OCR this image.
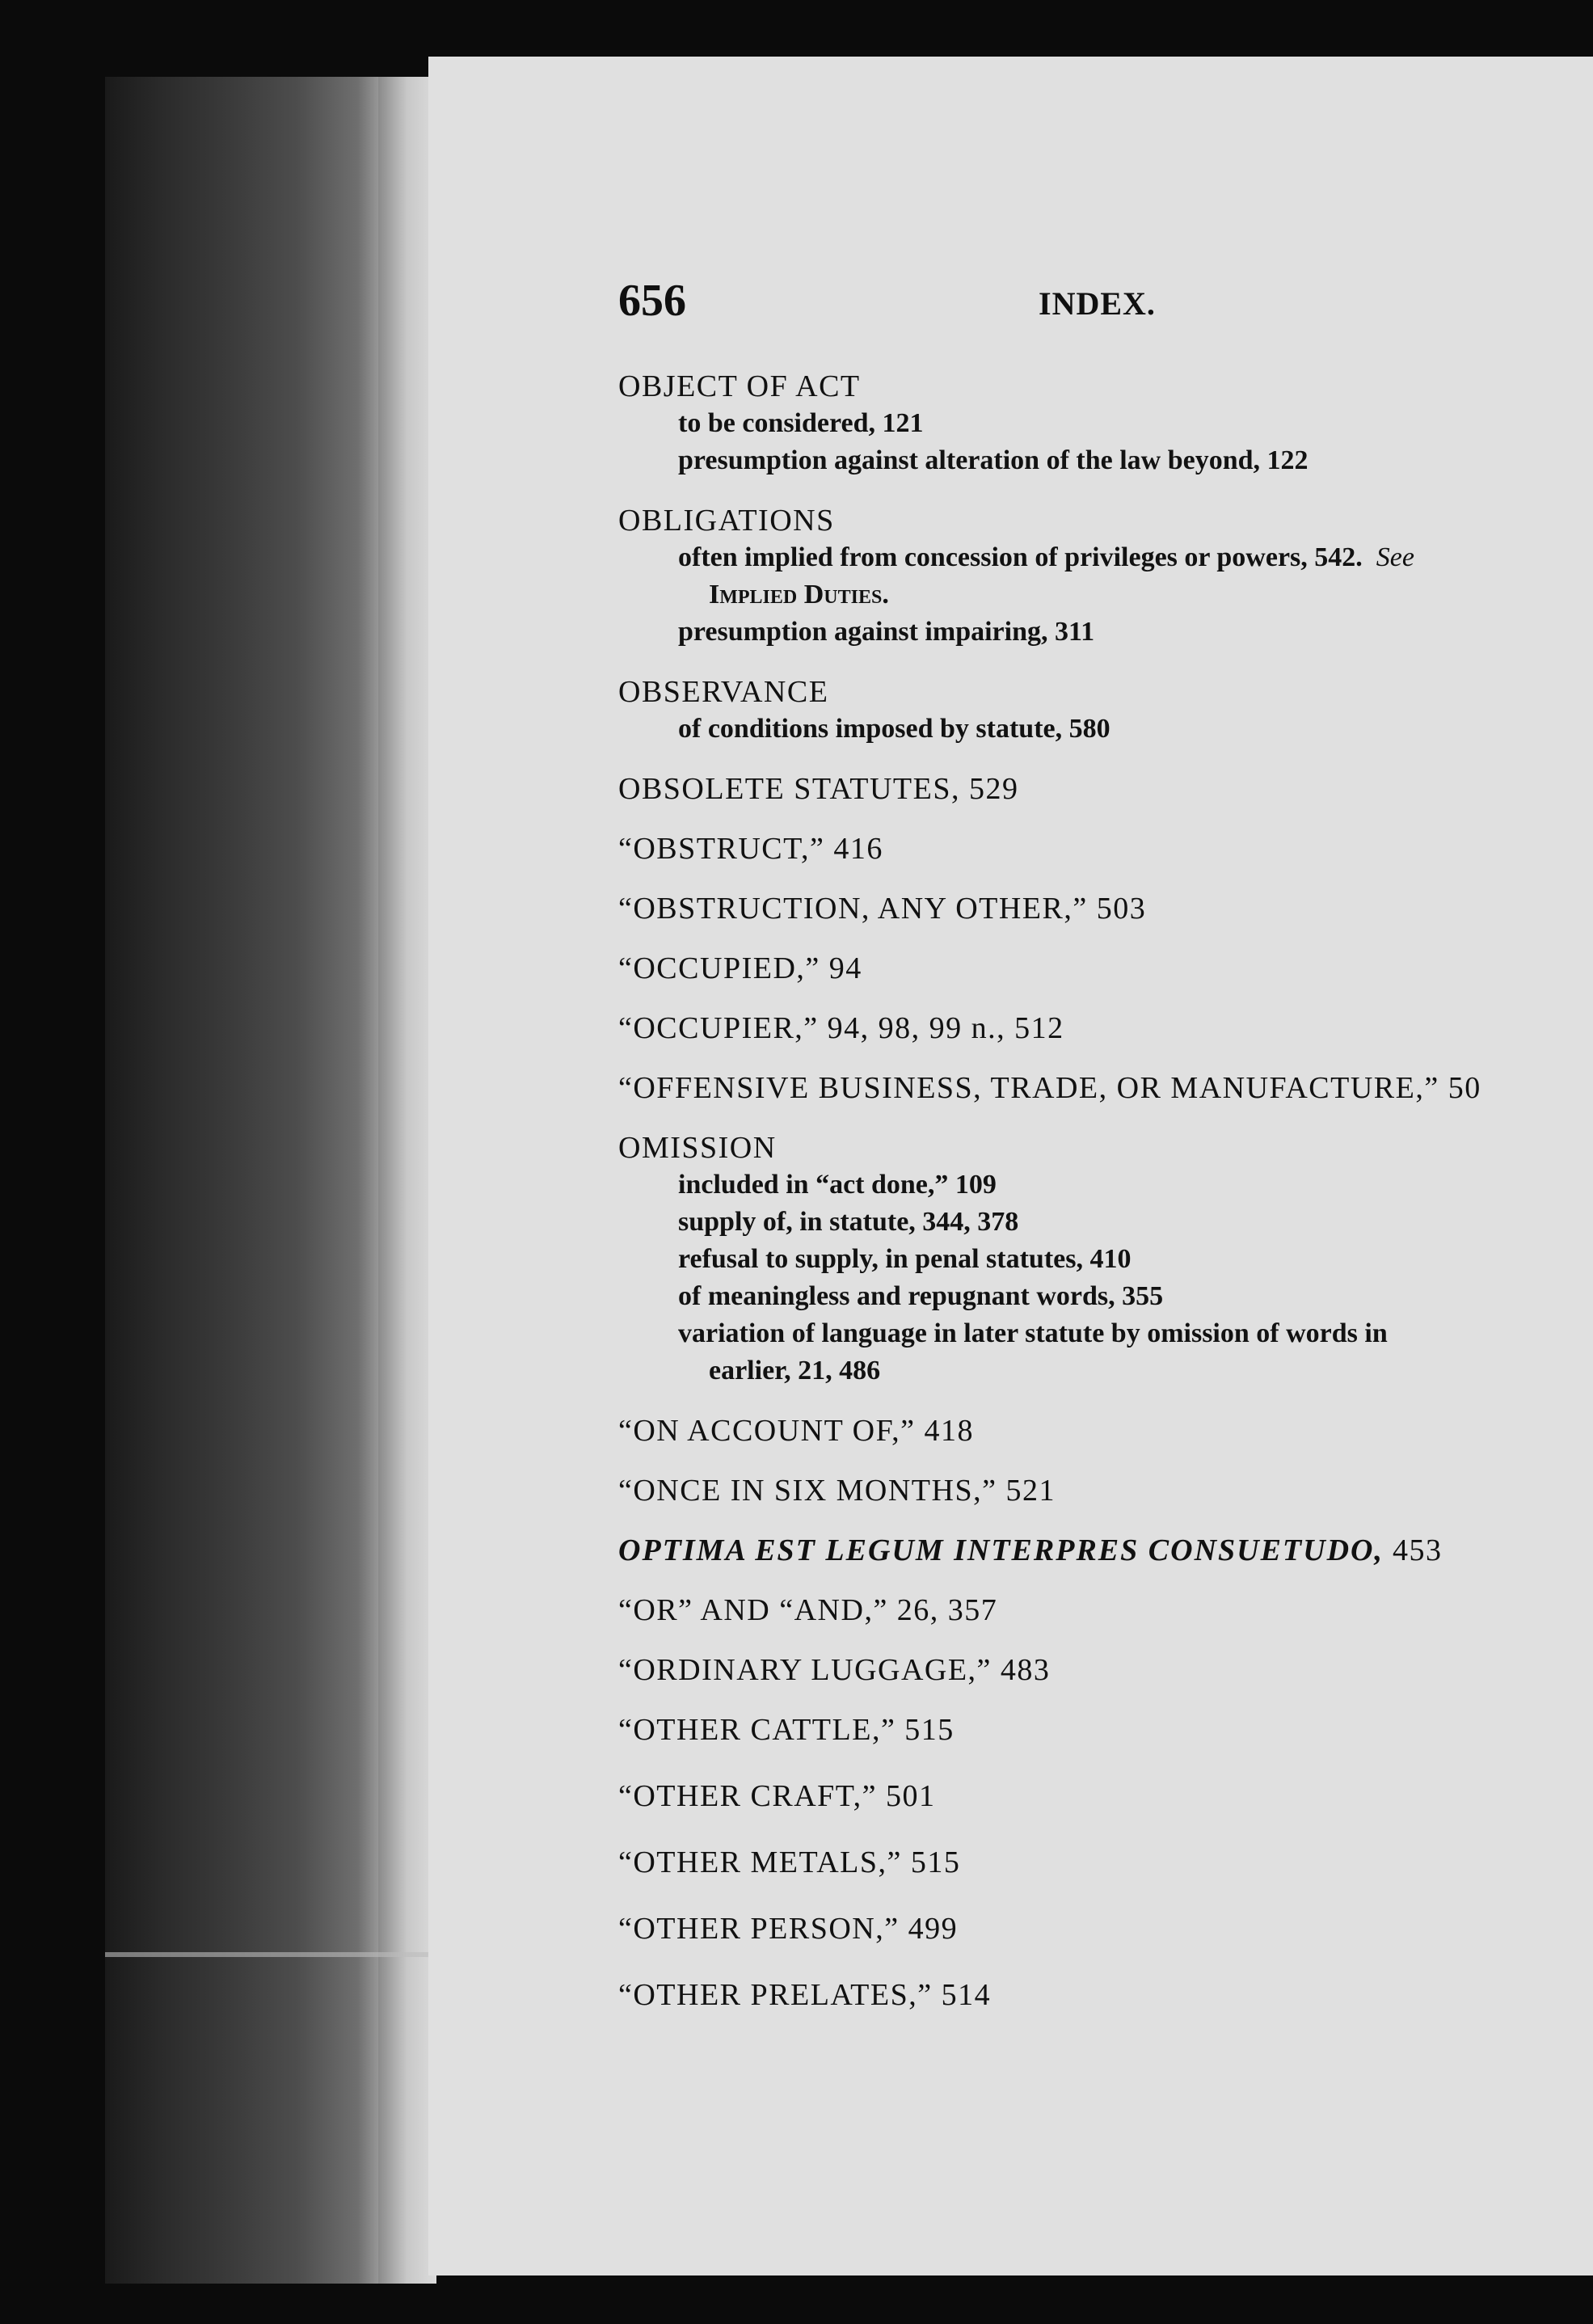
656	INDEX.
OBJECT OF ACT
to be considered, 121
presumption against alteration of the law beyond, 122
OBLIGATIONS
often implied from concession of privileges or powers, 542. See
Implied Duties.
presumption against impairing, 311
OBSERVANCE
of conditions imposed by statute, 580
OBSOLETE STATUTES, 529
“OBSTRUCT,” 416
“OBSTRUCTION, ANY OTHER,” 503
“OCCUPIED,” 94
“OCCUPIER,” 94, 98, 99 n., 512
“OFFENSIVE BUSINESS, TRADE, OR MANUFACTURE,” 50
OMISSION
included in “act done,” 109
supply of, in statute, 344, 378
refusal to supply, in penal statutes, 410
of meaningless and repugnant words, 355
variation of language in later statute by omission of words in
earlier, 21, 486
“ON ACCOUNT OF,” 418
“ONCE IN SIX MONTHS,” 521
OPTIMA EST LEGUM INTERPRES CONSUETUDO, 453
“OR” AND “AND,” 26, 357
“ORDINARY LUGGAGE,” 483
“OTHER CATTLE,” 515
“OTHER CRAFT,” 501
“OTHER METALS,” 515
“OTHER PERSON,” 499
“OTHER PRELATES,” 514
